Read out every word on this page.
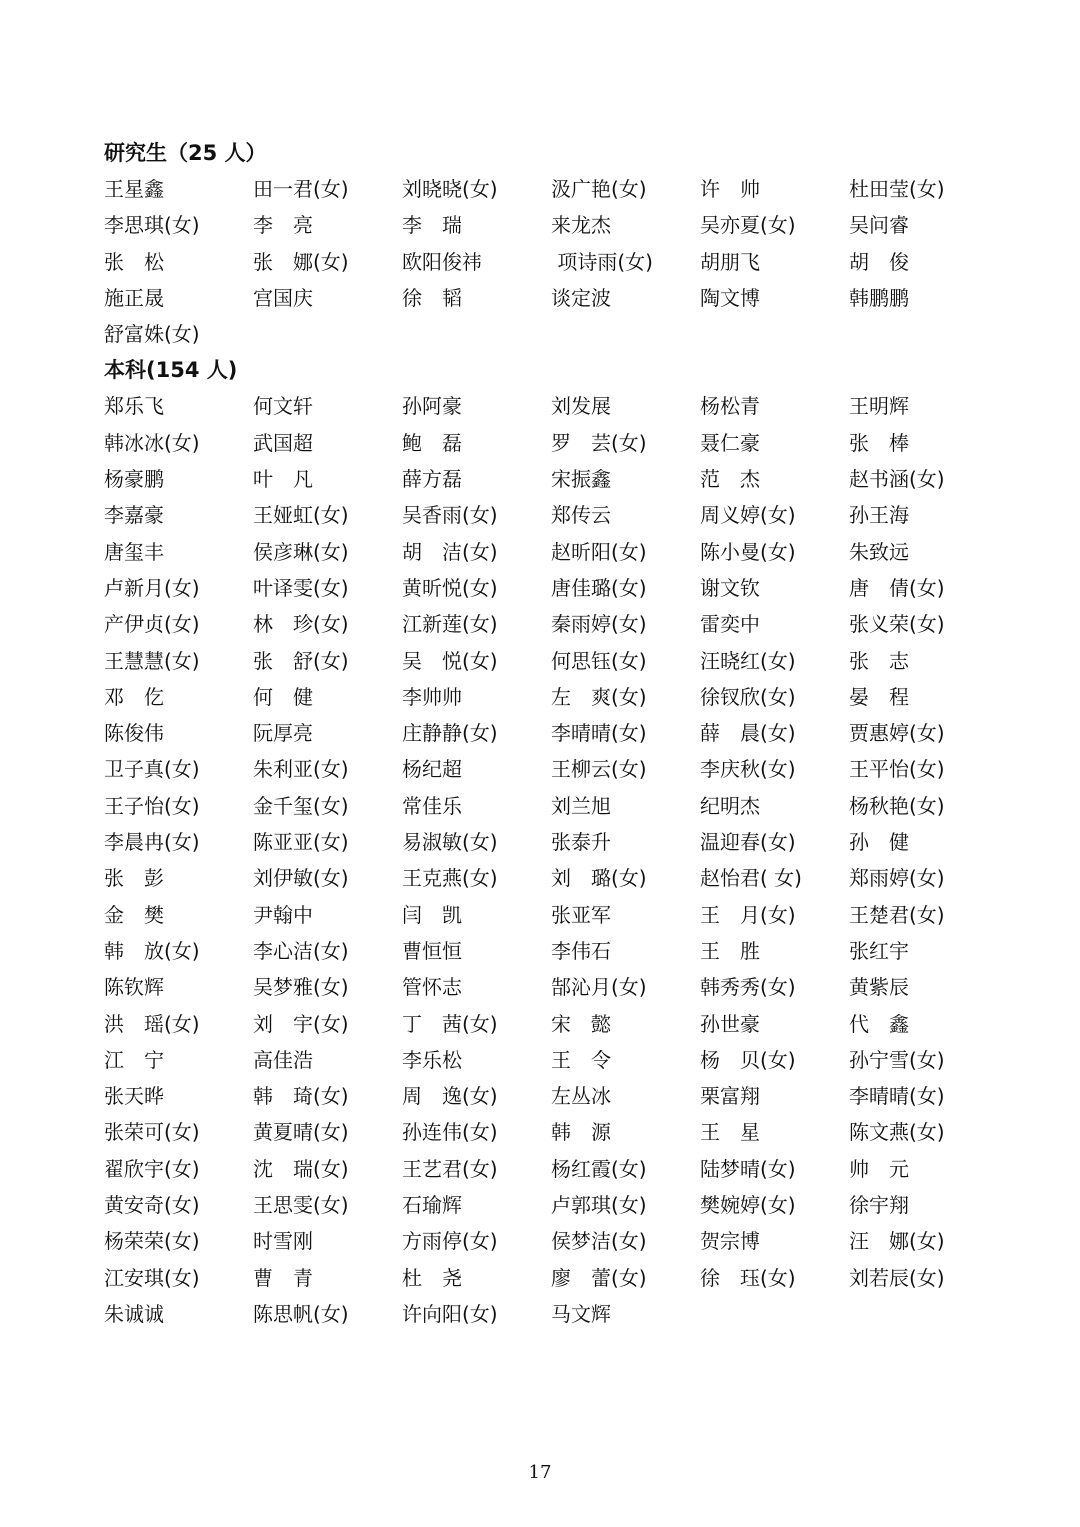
研究生（25 人）
王星鑫	田一君(女)	刘晓晓(女)	汲广艳(女)	许　帅	杜田莹(女)
李思琪(女)	李　亮	李　瑞	来龙杰	吴亦夏(女)	吴问睿
张　松	张　娜(女)	欧阳俊祎	项诗雨(女)	胡朋飞	胡　俊
施正晟	宫国庆	徐　韬	谈定波	陶文博	韩鹏鹏
舒富姝(女)
本科(154 人)
郑乐飞	何文轩	孙阿豪	刘发展	杨松青	王明辉
韩冰冰(女)	武国超	鲍　磊	罗　芸(女)	聂仁豪	张　棒
杨豪鹏	叶　凡	薛方磊	宋振鑫	范　杰	赵书涵(女)
李嘉豪	王娅虹(女)	吴香雨(女)	郑传云	周义婷(女)	孙王海
唐玺丰	侯彦琳(女)	胡　洁(女)	赵昕阳(女)	陈小曼(女)	朱致远
卢新月(女)	叶译雯(女)	黄昕悦(女)	唐佳璐(女)	谢文钦	唐　倩(女)
产伊贞(女)	林　珍(女)	江新莲(女)	秦雨婷(女)	雷奕中	张义荣(女)
王慧慧(女)	张　舒(女)	吴　悦(女)	何思钰(女)	汪晓红(女)	张　志
邓　仡	何　健	李帅帅	左　爽(女)	徐钗欣(女)	晏　程
陈俊伟	阮厚亮	庄静静(女)	李晴晴(女)	薛　晨(女)	贾惠婷(女)
卫子真(女)	朱利亚(女)	杨纪超	王柳云(女)	李庆秋(女)	王平怡(女)
王子怡(女)	金千玺(女)	常佳乐	刘兰旭	纪明杰	杨秋艳(女)
李晨冉(女)	陈亚亚(女)	易淑敏(女)	张泰升	温迎春(女)	孙　健
张　彭	刘伊敏(女)	王克燕(女)	刘　璐(女)	赵怡君( 女)	郑雨婷(女)
金　樊	尹翰中	闫　凯	张亚军	王　月(女)	王楚君(女)
韩　放(女)	李心洁(女)	曹恒恒	李伟石	王　胜	张红宇
陈钦辉	吴梦雅(女)	管怀志	郜沁月(女)	韩秀秀(女)	黄紫辰
洪　瑶(女)	刘　宇(女)	丁　茜(女)	宋　懿	孙世豪	代　鑫
江　宁	高佳浩	李乐松	王　令	杨　贝(女)	孙宁雪(女)
张天晔	韩　琦(女)	周　逸(女)	左丛冰	栗富翔	李晴晴(女)
张荣可(女)	黄夏晴(女)	孙连伟(女)	韩　源	王　星	陈文燕(女)
翟欣宇(女)	沈　瑞(女)	王艺君(女)	杨红霞(女)	陆梦晴(女)	帅　元
黄安奇(女)	王思雯(女)	石瑜辉	卢郭琪(女)	樊婉婷(女)	徐宇翔
杨荣荣(女)	时雪刚	方雨停(女)	侯梦洁(女)	贺宗博	汪　娜(女)
江安琪(女)	曹　青	杜　尧	廖　蕾(女)	徐　珏(女)	刘若辰(女)
朱诚诚	陈思帆(女)	许向阳(女)	马文辉
17
